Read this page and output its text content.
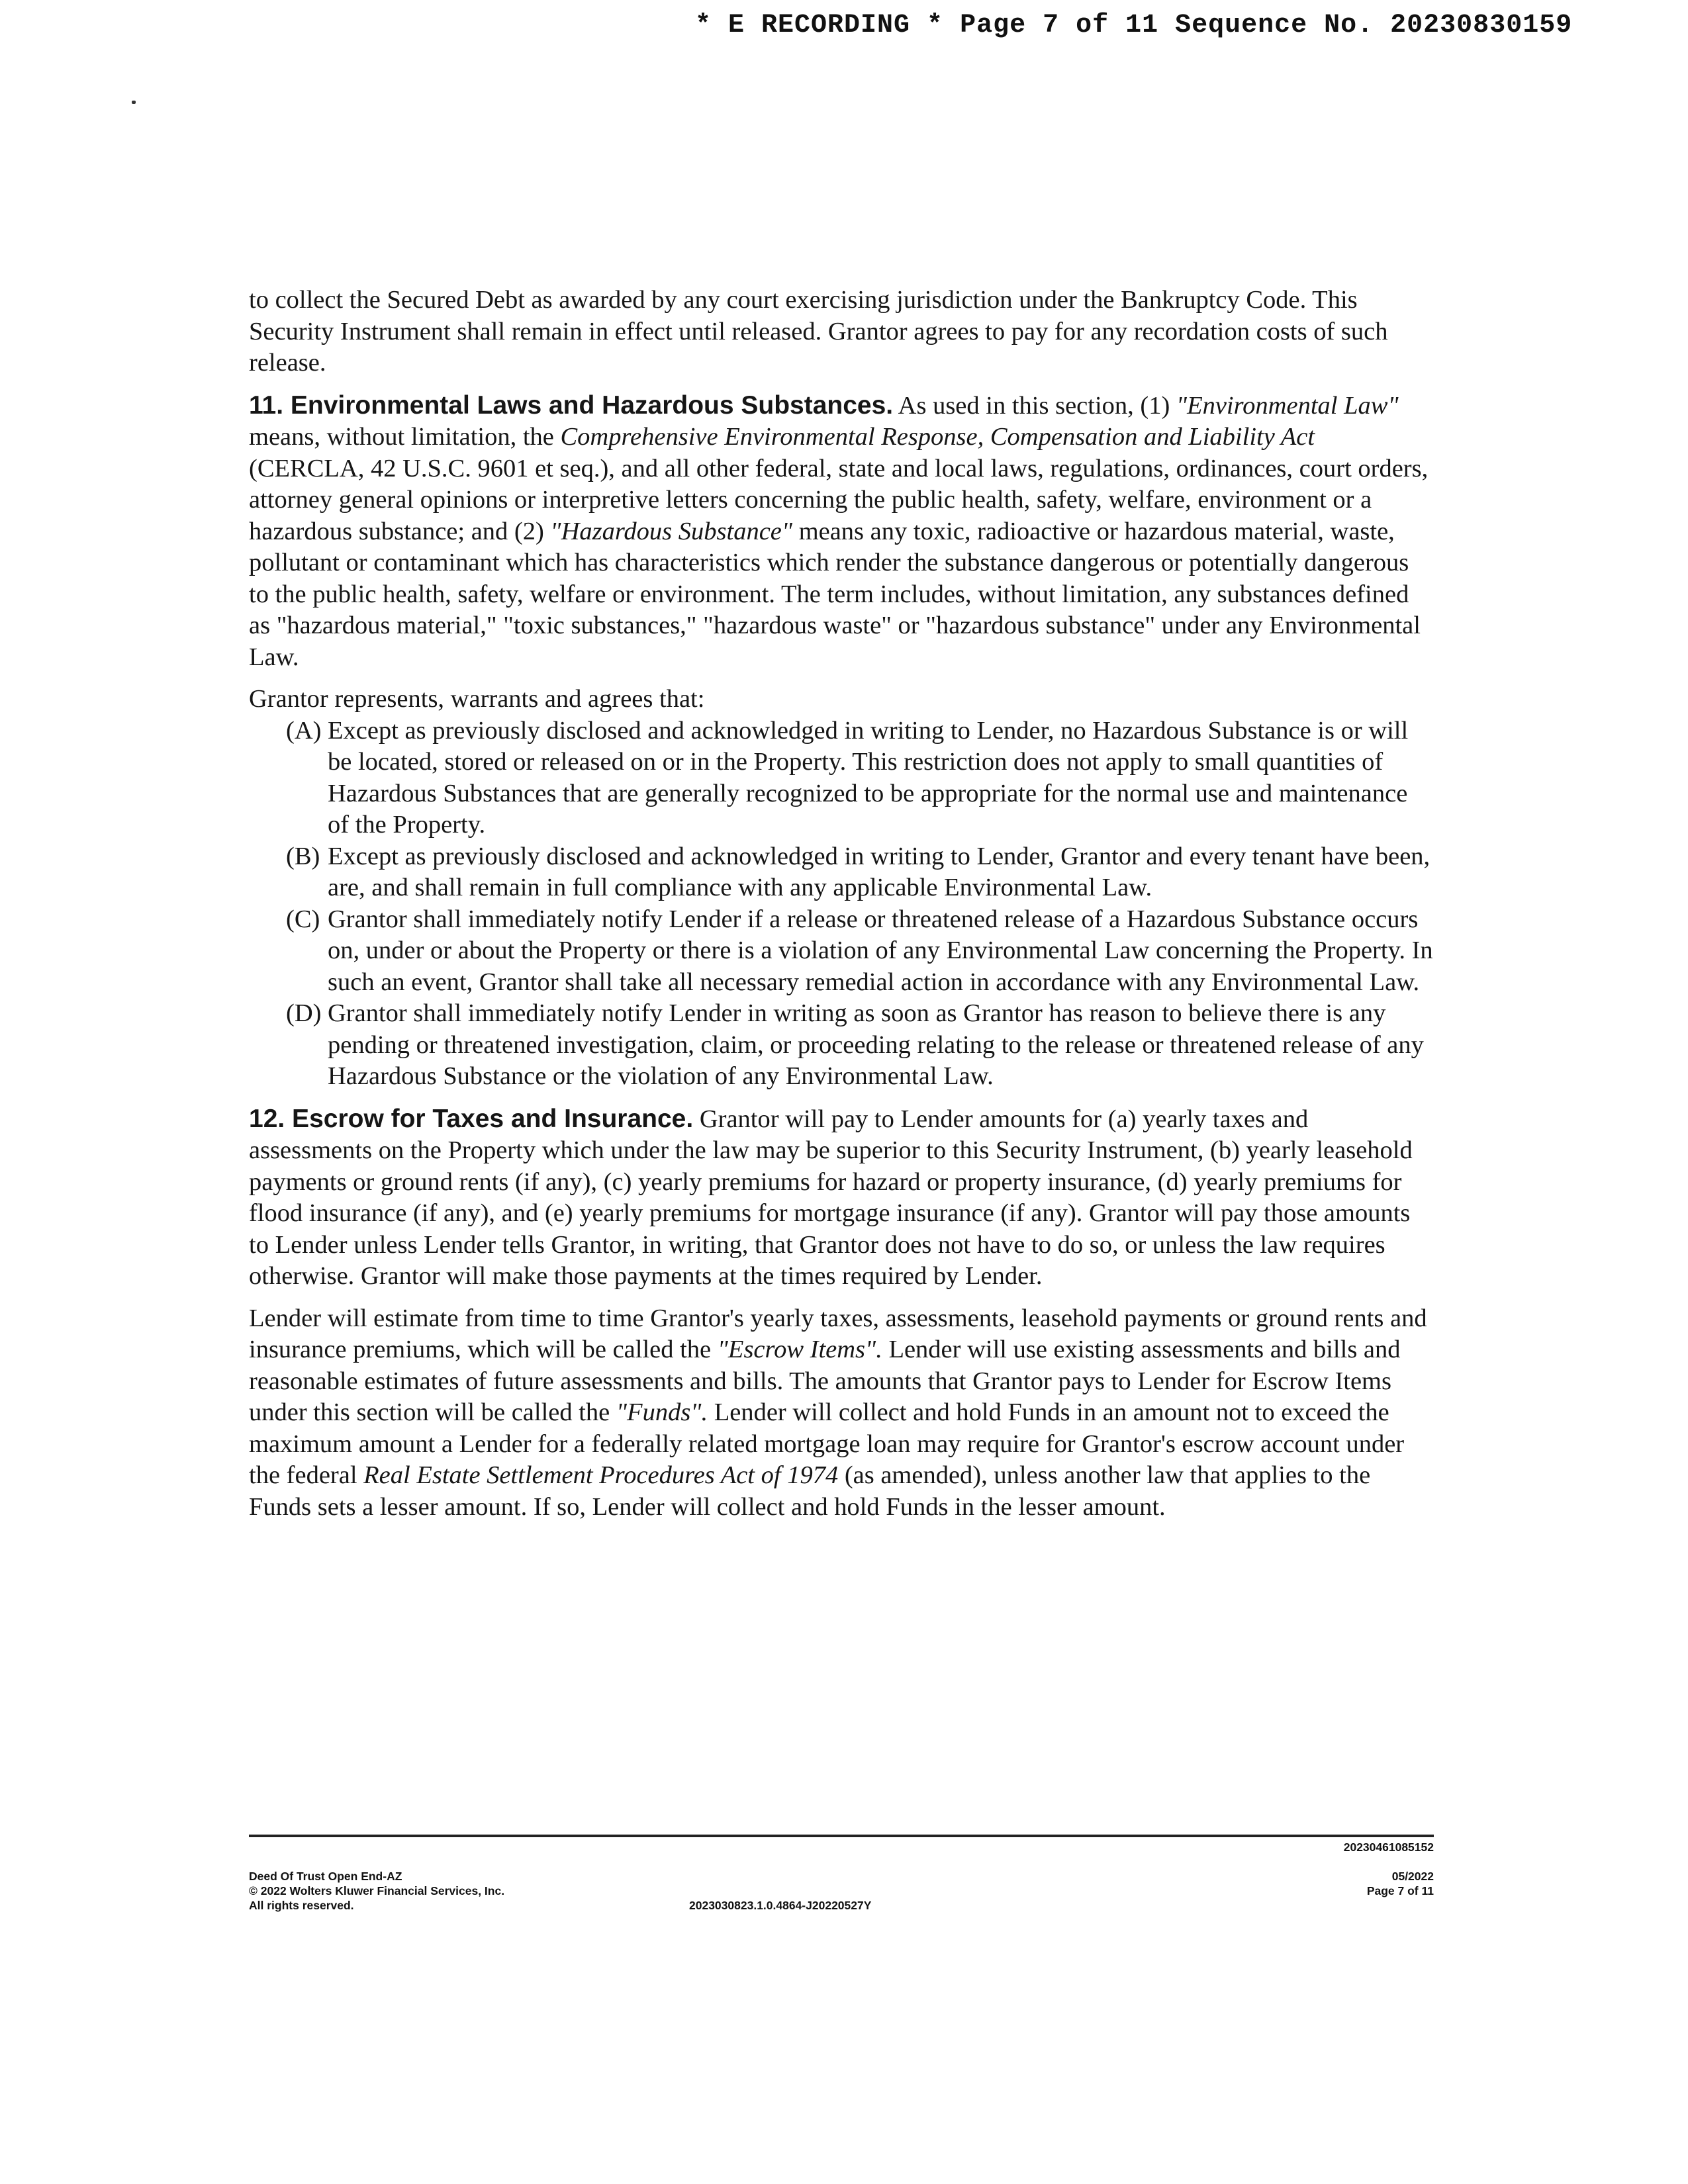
* E RECORDING * Page 7 of 11 Sequence No. 20230830159

to collect the Secured Debt as awarded by any court exercising jurisdiction under the Bankruptcy Code. This Security Instrument shall remain in effect until released. Grantor agrees to pay for any recordation costs of such release.

11. Environmental Laws and Hazardous Substances. As used in this section, (1) "Environmental Law" means, without limitation, the Comprehensive Environmental Response, Compensation and Liability Act (CERCLA, 42 U.S.C. 9601 et seq.), and all other federal, state and local laws, regulations, ordinances, court orders, attorney general opinions or interpretive letters concerning the public health, safety, welfare, environment or a hazardous substance; and (2) "Hazardous Substance" means any toxic, radioactive or hazardous material, waste, pollutant or contaminant which has characteristics which render the substance dangerous or potentially dangerous to the public health, safety, welfare or environment. The term includes, without limitation, any substances defined as "hazardous material," "toxic substances," "hazardous waste" or "hazardous substance" under any Environmental Law.

Grantor represents, warrants and agrees that:

(A) Except as previously disclosed and acknowledged in writing to Lender, no Hazardous Substance is or will be located, stored or released on or in the Property. This restriction does not apply to small quantities of Hazardous Substances that are generally recognized to be appropriate for the normal use and maintenance of the Property.
(B) Except as previously disclosed and acknowledged in writing to Lender, Grantor and every tenant have been, are, and shall remain in full compliance with any applicable Environmental Law.
(C) Grantor shall immediately notify Lender if a release or threatened release of a Hazardous Substance occurs on, under or about the Property or there is a violation of any Environmental Law concerning the Property. In such an event, Grantor shall take all necessary remedial action in accordance with any Environmental Law.
(D) Grantor shall immediately notify Lender in writing as soon as Grantor has reason to believe there is any pending or threatened investigation, claim, or proceeding relating to the release or threatened release of any Hazardous Substance or the violation of any Environmental Law.

12. Escrow for Taxes and Insurance. Grantor will pay to Lender amounts for (a) yearly taxes and assessments on the Property which under the law may be superior to this Security Instrument, (b) yearly leasehold payments or ground rents (if any), (c) yearly premiums for hazard or property insurance, (d) yearly premiums for flood insurance (if any), and (e) yearly premiums for mortgage insurance (if any). Grantor will pay those amounts to Lender unless Lender tells Grantor, in writing, that Grantor does not have to do so, or unless the law requires otherwise. Grantor will make those payments at the times required by Lender.

Lender will estimate from time to time Grantor's yearly taxes, assessments, leasehold payments or ground rents and insurance premiums, which will be called the "Escrow Items". Lender will use existing assessments and bills and reasonable estimates of future assessments and bills. The amounts that Grantor pays to Lender for Escrow Items under this section will be called the "Funds". Lender will collect and hold Funds in an amount not to exceed the maximum amount a Lender for a federally related mortgage loan may require for Grantor's escrow account under the federal Real Estate Settlement Procedures Act of 1974 (as amended), unless another law that applies to the Funds sets a lesser amount. If so, Lender will collect and hold Funds in the lesser amount.

Deed Of Trust Open End-AZ
© 2022 Wolters Kluwer Financial Services, Inc.
All rights reserved.	2023030823.1.0.4864-J20220527Y
20230461085152
05/2022
Page 7 of 11
